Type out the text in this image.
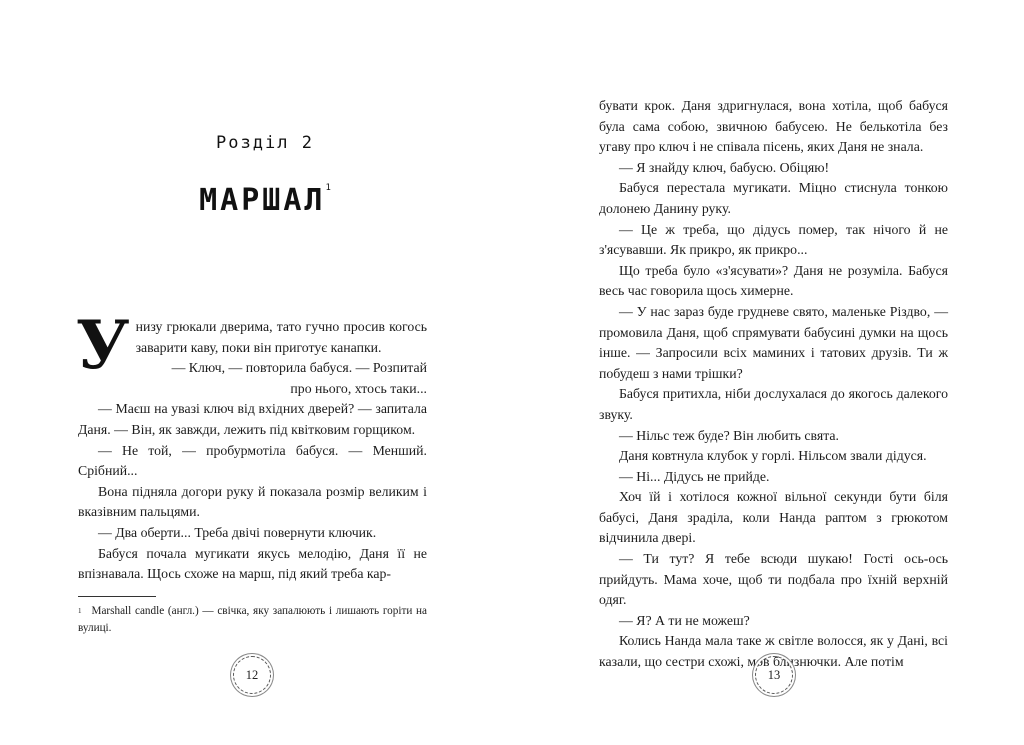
Розділ 2
МАРШАЛ$^1$

Унизу грюкали дверима, тато гучно просив когось заварити каву, поки він приготує канапки.

— Ключ, — повторила бабуся. — Розпитай про нього, хтось таки...

— Маєш на увазі ключ від вхідних дверей? — запитала Даня. — Він, як завжди, лежить під квітковим горщиком.

— Не той, — пробурмотіла бабуся. — Менший. Срібний...

Вона підняла догори руку й показала розмір великим і вказівним пальцями.

— Два оберти... Треба двічі повернути ключик.

Бабуся почала мугикати якусь мелодію, Даня її не впізнавала. Щось схоже на марш, під який треба кар-

$^1$ Marshall candle (англ.) — свічка, яку запалюють і лишають горіти на вулиці.
12

бувати крок. Даня здригнулася, вона хотіла, щоб бабуся була сама собою, звичною бабусею. Не белькотіла без угаву про ключ і не співала пісень, яких Даня не знала.

— Я знайду ключ, бабусю. Обіцяю!

Бабуся перестала мугикати. Міцно стиснула тонкою долонею Данину руку.

— Це ж треба, що дідусь помер, так нічого й не з'ясувавши. Як прикро, як прикро...

Що треба було «з'ясувати»? Даня не розуміла. Бабуся весь час говорила щось химерне.

— У нас зараз буде грудневе свято, маленьке Різдво, — промовила Даня, щоб спрямувати бабусині думки на щось інше. — Запросили всіх маминих і татових друзів. Ти ж побудеш з нами трішки?

Бабуся притихла, ніби дослухалася до якогось далекого звуку.

— Нільс теж буде? Він любить свята.

Даня ковтнула клубок у горлі. Нільсом звали дідуся.

— Ні... Дідусь не прийде.

Хоч їй і хотілося кожної вільної секунди бути біля бабусі, Даня зраділа, коли Нанда раптом з грюкотом відчинила двері.

— Ти тут? Я тебе всюди шукаю! Гості ось-ось прийдуть. Мама хоче, щоб ти подбала про їхній верхній одяг.

— Я? А ти не можеш?

Колись Нанда мала таке ж світле волосся, як у Дані, всі казали, що сестри схожі, мов близнючки. Але потім

13
